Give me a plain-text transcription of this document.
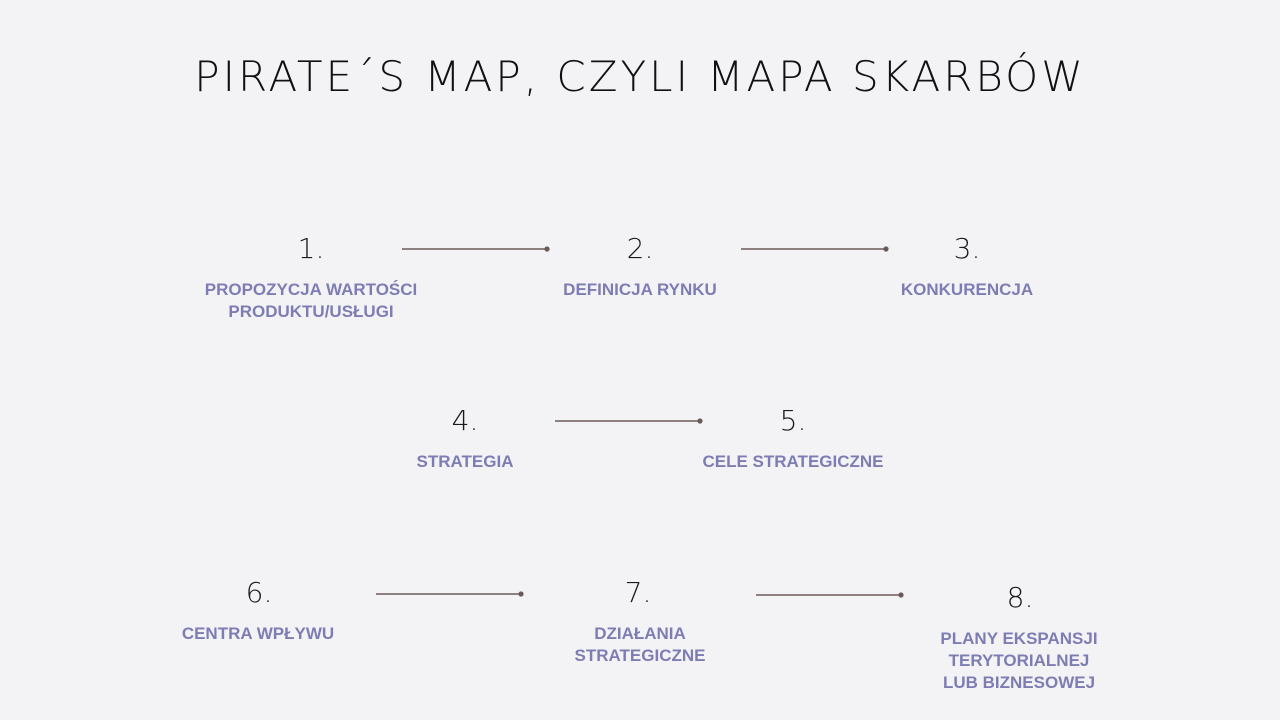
PIRATE´S MAP, CZYLI MAPA SKARBÓW
1.
PROPOZYCJA WARTOŚCI
PRODUKTU/USŁUGI
2.
DEFINICJA RYNKU
3.
KONKURENCJA
4.
STRATEGIA
5.
CELE STRATEGICZNE
6.
CENTRA WPŁYWU
7.
DZIAŁANIA
STRATEGICZNE
8.
PLANY EKSPANSJI
TERYTORIALNEJ
LUB BIZNESOWEJ
